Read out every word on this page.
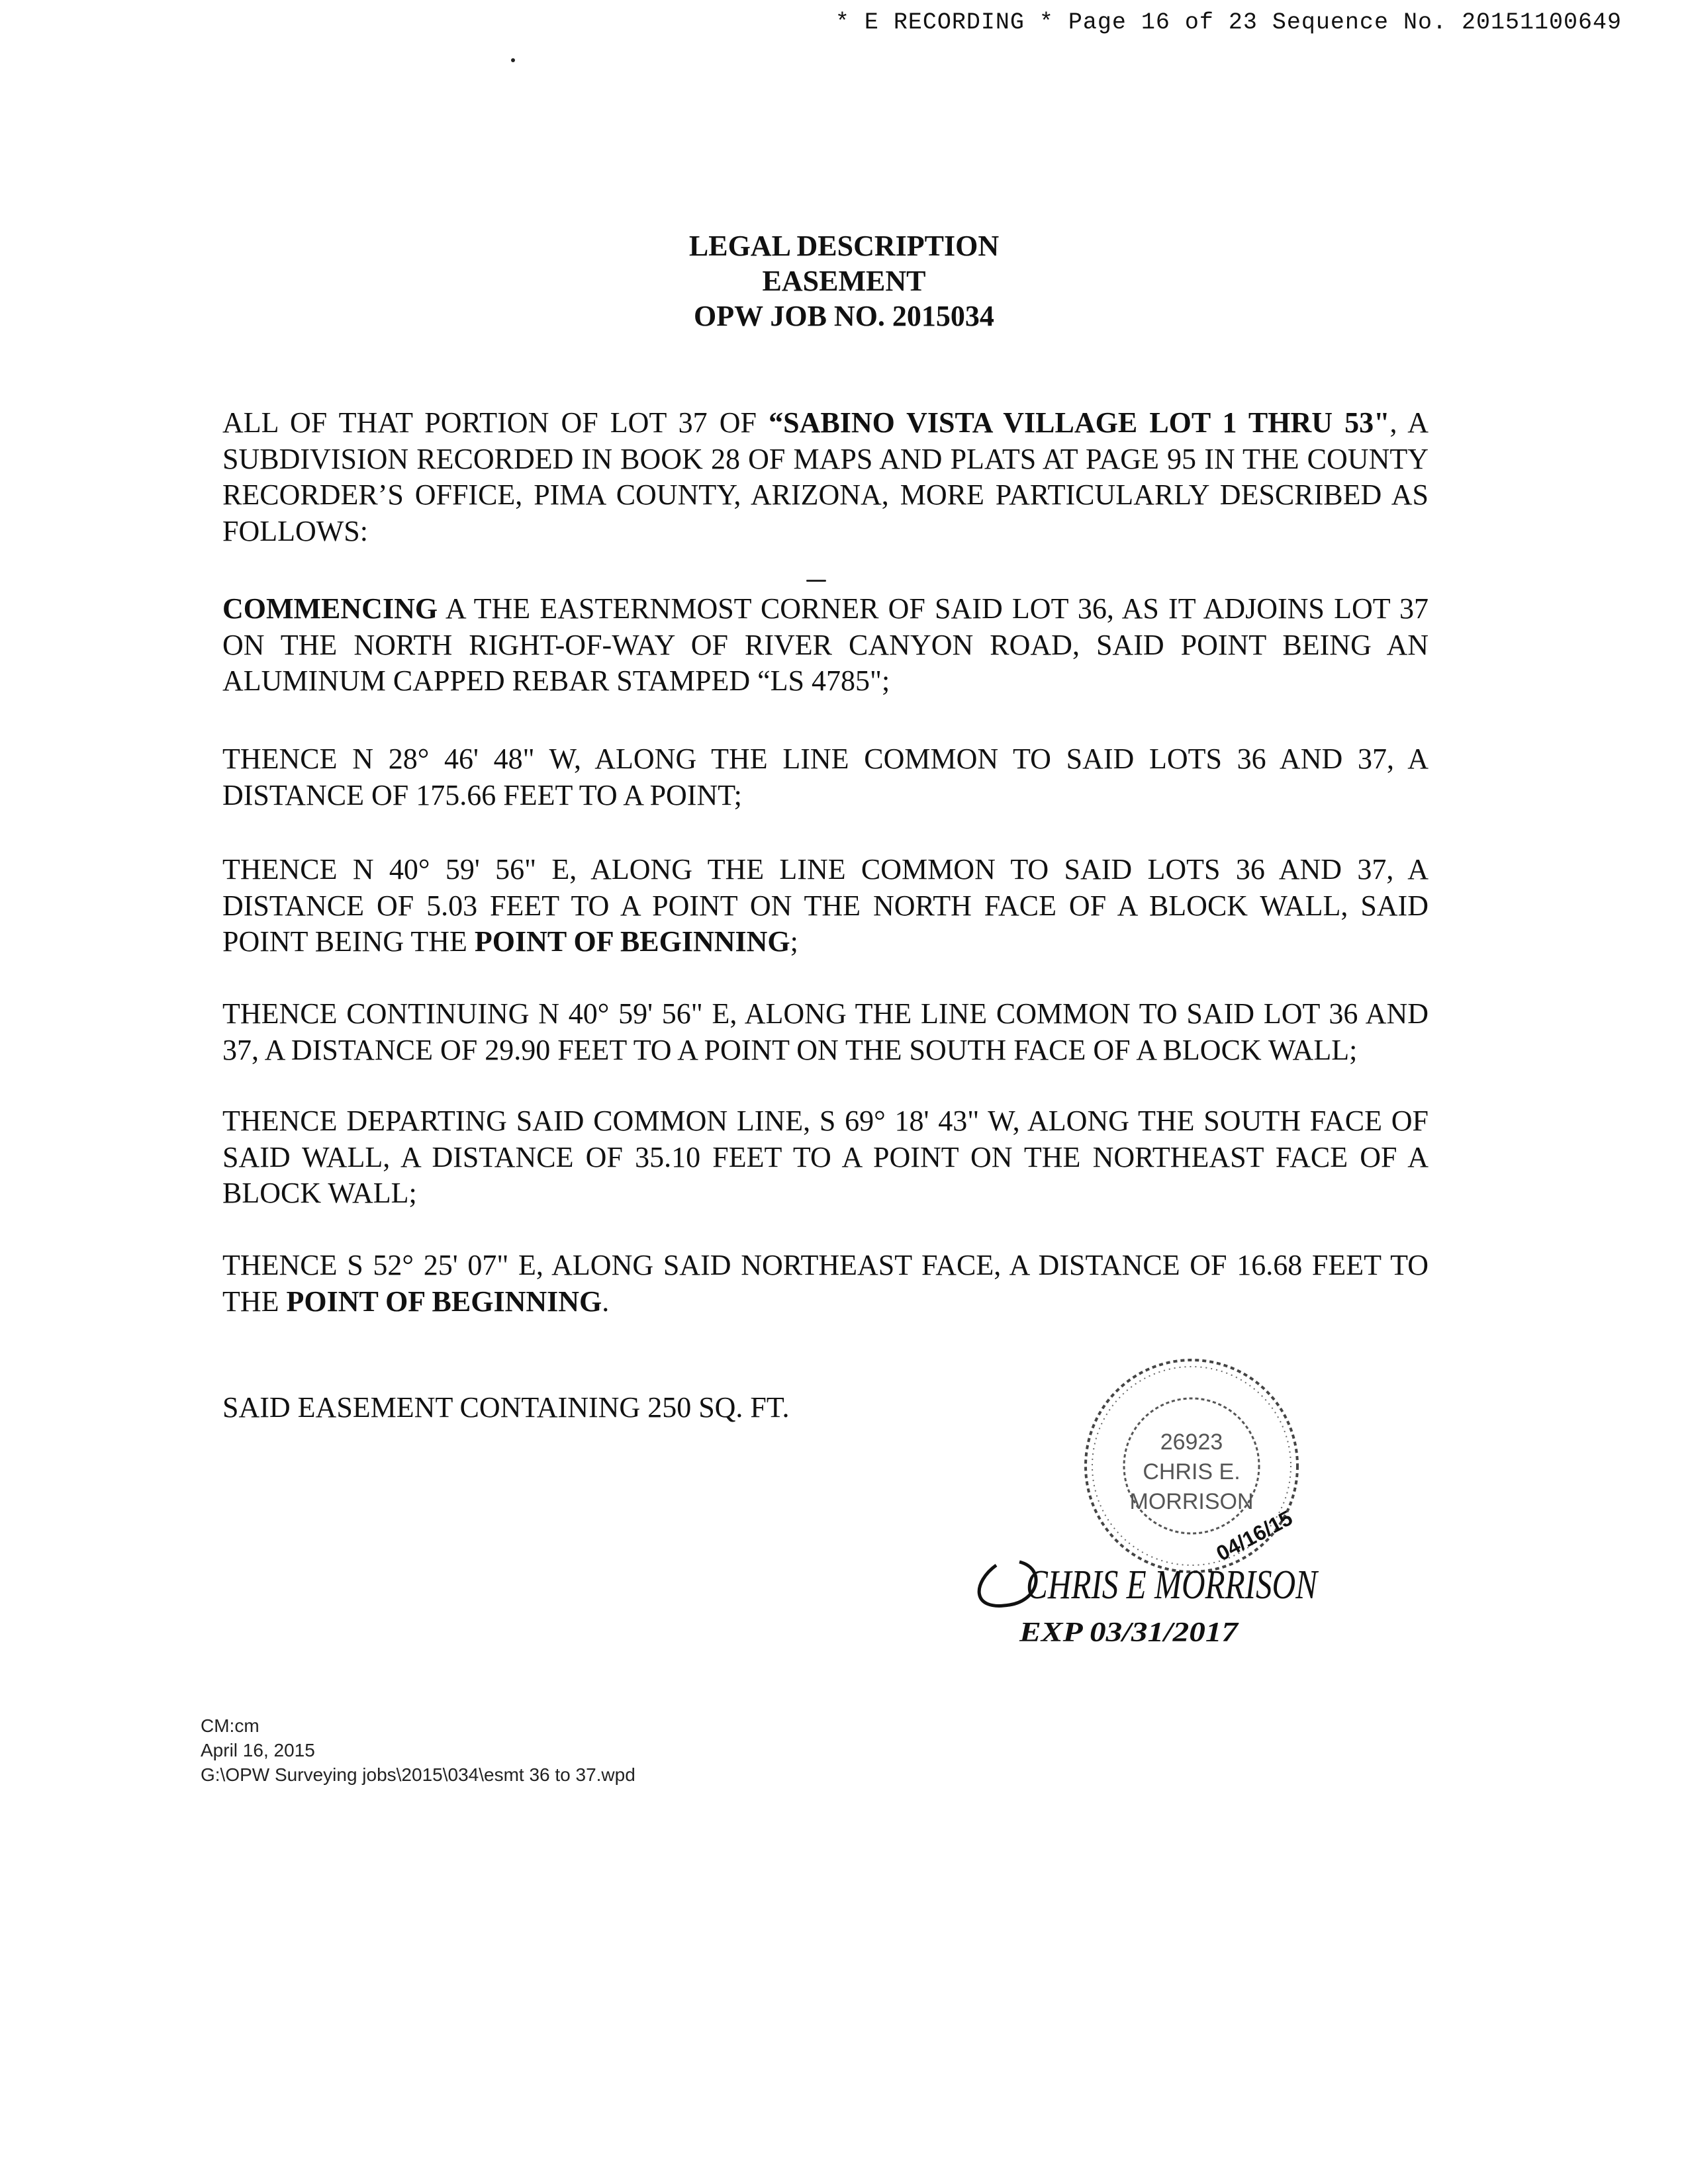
* E RECORDING * Page 16 of 23 Sequence No. 20151100649
LEGAL DESCRIPTION
EASEMENT
OPW JOB NO. 2015034
ALL OF THAT PORTION OF LOT 37 OF “SABINO VISTA VILLAGE LOT 1 THRU 53", A SUBDIVISION RECORDED IN BOOK 28 OF MAPS AND PLATS AT PAGE 95 IN THE COUNTY RECORDER’S OFFICE, PIMA COUNTY, ARIZONA, MORE PARTICULARLY DESCRIBED AS FOLLOWS:
COMMENCING A THE EASTERNMOST CORNER OF SAID LOT 36, AS IT ADJOINS LOT 37 ON THE NORTH RIGHT-OF-WAY OF RIVER CANYON ROAD, SAID POINT BEING AN ALUMINUM CAPPED REBAR STAMPED “LS 4785";
THENCE N 28° 46' 48" W, ALONG THE LINE COMMON TO SAID LOTS 36 AND 37, A DISTANCE OF 175.66 FEET TO A POINT;
THENCE N 40° 59' 56" E, ALONG THE LINE COMMON TO SAID LOTS 36 AND 37, A DISTANCE OF 5.03 FEET TO A POINT ON THE NORTH FACE OF A BLOCK WALL, SAID POINT BEING THE POINT OF BEGINNING;
THENCE CONTINUING N 40° 59' 56" E, ALONG THE LINE COMMON TO SAID LOT 36 AND 37, A DISTANCE OF 29.90 FEET TO A POINT ON THE SOUTH FACE OF A BLOCK WALL;
THENCE DEPARTING SAID COMMON LINE, S 69° 18' 43" W, ALONG THE SOUTH FACE OF SAID WALL, A DISTANCE OF 35.10 FEET TO A POINT ON THE NORTHEAST FACE OF A BLOCK WALL;
THENCE S 52° 25' 07" E, ALONG SAID NORTHEAST FACE, A DISTANCE OF 16.68 FEET TO THE POINT OF BEGINNING.
SAID EASEMENT CONTAINING 250 SQ. FT.
26923
CHRIS E.
MORRISON
04/16/15
CHRIS E MORRISON
EXP 03/31/2017
CM:cm
April 16, 2015
G:\OPW Surveying jobs\2015\034\esmt 36 to 37.wpd
